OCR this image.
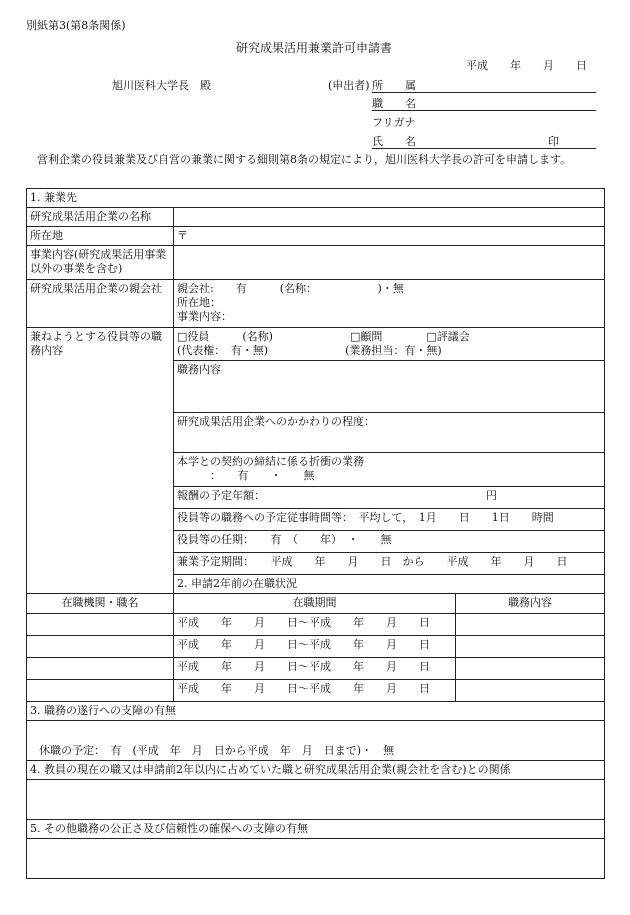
別紙第3(第8条関係)
研究成果活用兼業許可申請書
平成　　年　　月　　日
旭川医科大学長　殿	(申出者) 所　　属
職　　名
フリガナ
氏　　名	印
　営利企業の役員兼業及び自営の兼業に関する細則第8条の規定により，旭川医科大学長の許可を申請します。
1. 兼業先		
研究成果活用企業の名称		
所在地	〒	
事業内容(研究成果活用事業以外の事業を含む)		
研究成果活用企業の親会社	親会社:　　有　　　(名称：　　　　　　)・無
所在地：
事業内容：	

兼ねようとする役員等の職務内容	□役員　　　(名称)　　　　　　　□顧問　　　　□評議会
(代表権：　有・無)　　　　　　　(業務担当：有・無)	

	職務内容	
	研究成果活用企業へのかかわりの程度：	

	本学との契約の締結に係る折衝の業務
　　　：　　有　　・　　無	

	報酬の予定年額： 円	

	役員等の職務への予定従事時間等：　平均して，　1月　　日　　1日　　時間	
	役員等の任期：　　有　（　　年）　・　　無	
	兼業予定期間：　　平成　　年　　月　　日　から　　平成　　年　　月　　日	
	2. 申請2年前の在職状況	
在職機関・職名	在職期間	職務内容
	平成　　年　　月　　日～平成　　年　　月　　日	
	平成　　年　　月　　日～平成　　年　　月　　日	
	平成　　年　　月　　日～平成　　年　　月　　日	
	平成　　年　　月　　日～平成　　年　　月　　日	
3. 職務の遂行への支障の有無		
休職の予定：　有　(平成　年　月　日から平成　年　月　日まで)・　無		
4. 教員の現在の職又は申請前2年以内に占めていた職と研究成果活用企業(親会社を含む)との関係		

5. その他職務の公正さ及び信頼性の確保への支障の有無		
